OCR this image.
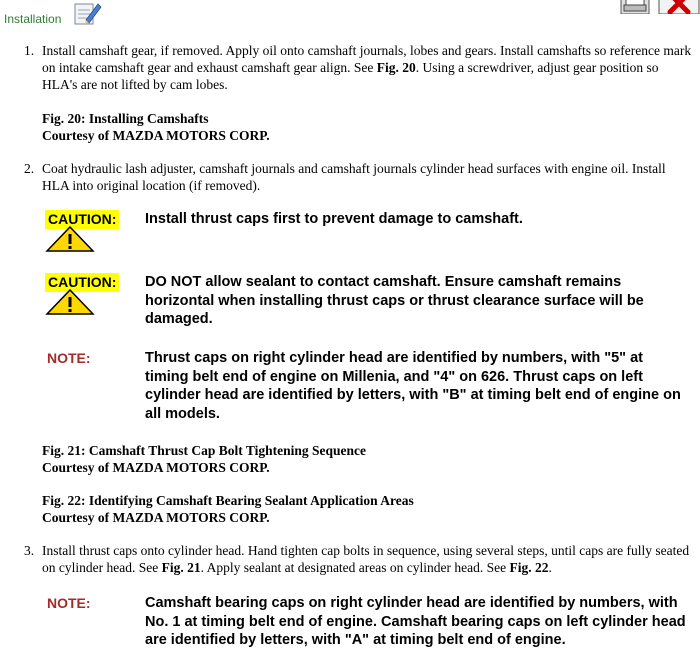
Installation
1. Install camshaft gear, if removed. Apply oil onto camshaft journals, lobes and gears. Install camshafts so reference mark on intake camshaft gear and exhaust camshaft gear align. See Fig. 20. Using a screwdriver, adjust gear position so HLA's are not lifted by cam lobes.
Fig. 20: Installing Camshafts
Courtesy of MAZDA MOTORS CORP.
2. Coat hydraulic lash adjuster, camshaft journals and camshaft journals cylinder head surfaces with engine oil. Install HLA into original location (if removed).
CAUTION: Install thrust caps first to prevent damage to camshaft.
CAUTION: DO NOT allow sealant to contact camshaft. Ensure camshaft remains horizontal when installing thrust caps or thrust clearance surface will be damaged.
NOTE:	Thrust caps on right cylinder head are identified by numbers, with "5" at timing belt end of engine on Millenia, and "4" on 626. Thrust caps on left cylinder head are identified by letters, with "B" at timing belt end of engine on all models.
Fig. 21: Camshaft Thrust Cap Bolt Tightening Sequence
Courtesy of MAZDA MOTORS CORP.
Fig. 22: Identifying Camshaft Bearing Sealant Application Areas
Courtesy of MAZDA MOTORS CORP.
3. Install thrust caps onto cylinder head. Hand tighten cap bolts in sequence, using several steps, until caps are fully seated on cylinder head. See Fig. 21. Apply sealant at designated areas on cylinder head. See Fig. 22.
NOTE:	Camshaft bearing caps on right cylinder head are identified by numbers, with No. 1 at timing belt end of engine. Camshaft bearing caps on left cylinder head are identified by letters, with "A" at timing belt end of engine.
